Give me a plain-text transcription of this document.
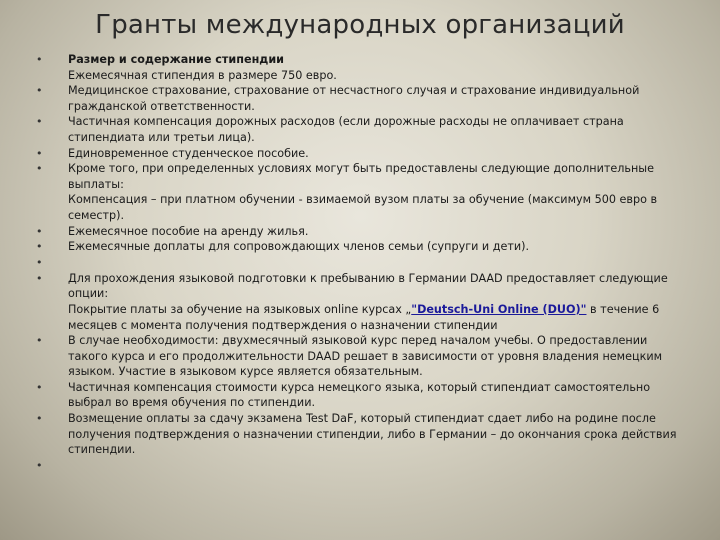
Гранты международных организаций
• Размер и содержание стипендии
Ежемесячная стипендия в размере 750 евро.
• Медицинское страхование, страхование от несчастного случая и страхование индивидуальной гражданской ответственности.
• Частичная компенсация дорожных расходов (если дорожные расходы не оплачивает страна стипендиата или третьи лица).
• Единовременное студенческое пособие.
• Кроме того, при определенных условиях могут быть предоставлены следующие дополнительные выплаты:
Компенсация – при платном обучении - взимаемой вузом платы за обучение (максимум 500 евро в семестр).
• Ежемесячное пособие на аренду жилья.
• Ежемесячные доплаты для сопровождающих членов семьи (супруги и дети).
•
• Для прохождения языковой подготовки к пребыванию в Германии DAAD предоставляет следующие опции:
Покрытие платы за обучение на языковых online курсах „"Deutsch-Uni Online (DUO)" в течение 6 месяцев с момента получения подтверждения о назначении стипендии
• В случае необходимости: двухмесячный языковой курс перед началом учебы. О предоставлении такого курса и его продолжительности DAAD решает в зависимости от уровня владения немецким языком. Участие в языковом курсе является обязательным.
• Частичная компенсация стоимости курса немецкого языка, который стипендиат самостоятельно выбрал во время обучения по стипендии.
• Возмещение оплаты за сдачу экзамена Test DaF, который стипендиат сдает либо на родине после получения подтверждения о назначении стипендии, либо в Германии – до окончания срока действия стипендии.
•
